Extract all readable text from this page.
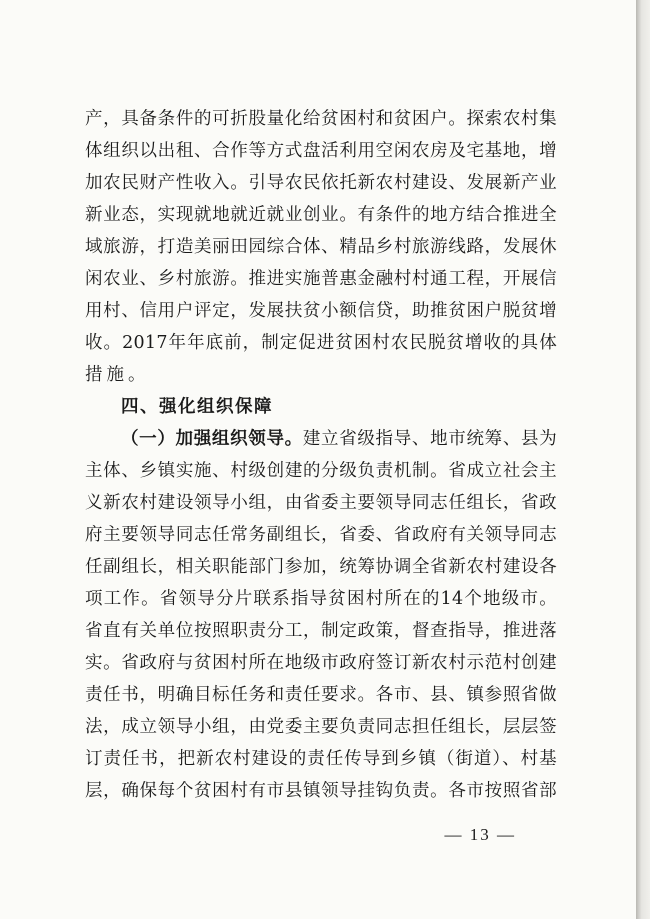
产，具备条件的可折股量化给贫困村和贫困户。探索农村集
体组织以出租、合作等方式盘活利用空闲农房及宅基地，增
加农民财产性收入。引导农民依托新农村建设、发展新产业
新业态，实现就地就近就业创业。有条件的地方结合推进全
域旅游，打造美丽田园综合体、精品乡村旅游线路，发展休
闲农业、乡村旅游。推进实施普惠金融村村通工程，开展信
用村、信用户评定，发展扶贫小额信贷，助推贫困户脱贫增
收。2017年年底前，制定促进贫困村农民脱贫增收的具体
措施。
四、强化组织保障
（一）加强组织领导。建立省级指导、地市统筹、县为
主体、乡镇实施、村级创建的分级负责机制。省成立社会主
义新农村建设领导小组，由省委主要领导同志任组长，省政
府主要领导同志任常务副组长，省委、省政府有关领导同志
任副组长，相关职能部门参加，统筹协调全省新农村建设各
项工作。省领导分片联系指导贫困村所在的14个地级市。
省直有关单位按照职责分工，制定政策，督查指导，推进落
实。省政府与贫困村所在地级市政府签订新农村示范村创建
责任书，明确目标任务和责任要求。各市、县、镇参照省做
法，成立领导小组，由党委主要负责同志担任组长，层层签
订责任书，把新农村建设的责任传导到乡镇（街道）、村基
层，确保每个贫困村有市县镇领导挂钩负责。各市按照省部
— 13 —
